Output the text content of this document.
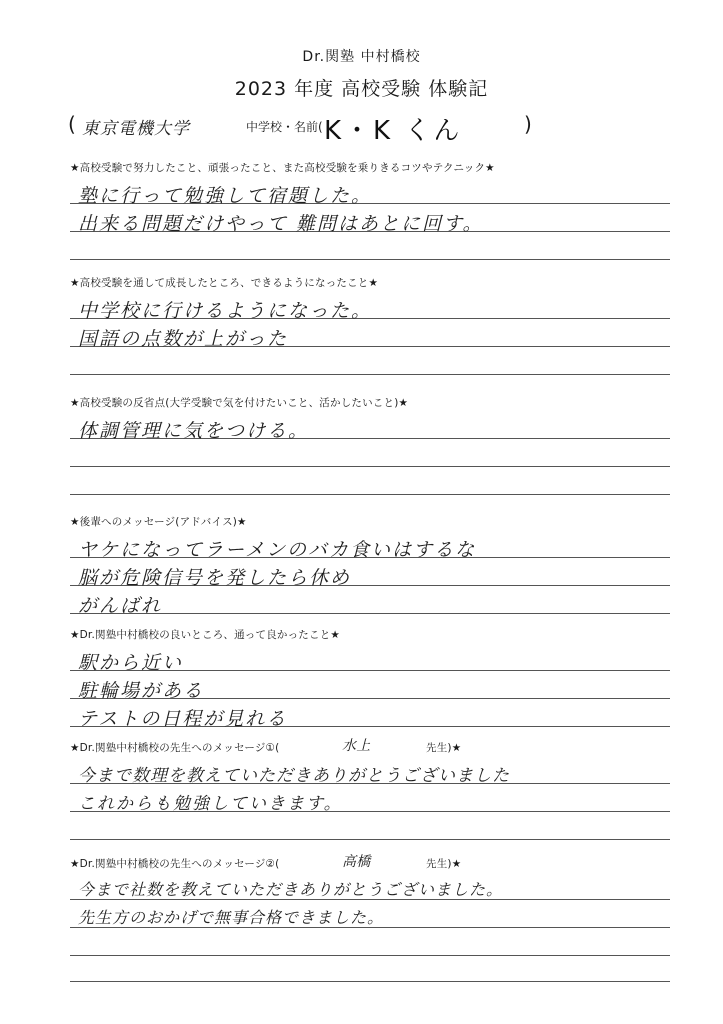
Dr.関塾 中村橋校
2023 年度 高校受験 体験記
( 東京電機大学	中学校・名前( K・K くん	)
★高校受験で努力したこと、頑張ったこと、また高校受験を乗りきるコツやテクニック★
塾に行って勉強して宿題した。
出来る問題だけやって 難問はあとに回す。
★高校受験を通して成長したところ、できるようになったこと★
中学校に行けるようになった。
国語の点数が上がった
★高校受験の反省点(大学受験で気を付けたいこと、活かしたいこと)★
体調管理に気をつける。
★後輩へのメッセージ(アドバイス)★
ヤケになってラーメンのバカ食いはするな
脳が危険信号を発したら休め
がんばれ
★Dr.関塾中村橋校の良いところ、通って良かったこと★
駅から近い
駐輪場がある
テストの日程が見れる
★Dr.関塾中村橋校の先生へのメッセージ①(	水上	先生)★
今まで数理を教えていただきありがとうございました
これからも勉強していきます。
★Dr.関塾中村橋校の先生へのメッセージ②(	高橋	先生)★
今まで社数を教えていただきありがとうございました。
先生方のおかげで無事合格できました。
